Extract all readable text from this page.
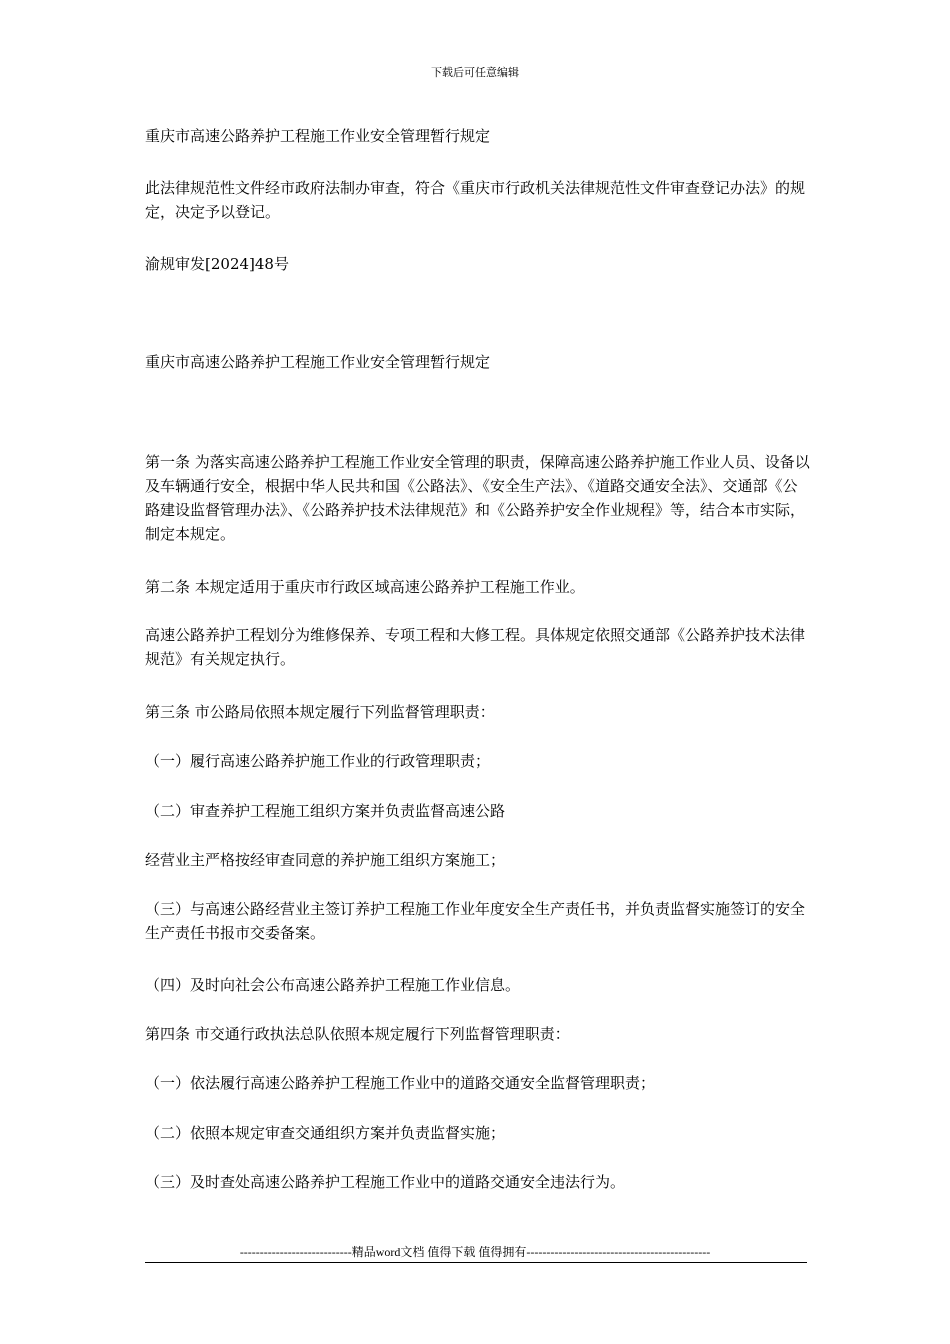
下载后可任意编辑
重庆市高速公路养护工程施工作业安全管理暂行规定
此法律规范性文件经市政府法制办审查，符合《重庆市行政机关法律规范性文件审查登记办法》的规定，决定予以登记。
渝规审发[2024]48号
重庆市高速公路养护工程施工作业安全管理暂行规定
第一条 为落实高速公路养护工程施工作业安全管理的职责，保障高速公路养护施工作业人员、设备以及车辆通行安全，根据中华人民共和国《公路法》、《安全生产法》、《道路交通安全法》、交通部《公路建设监督管理办法》、《公路养护技术法律规范》和《公路养护安全作业规程》等，结合本市实际，制定本规定。
第二条 本规定适用于重庆市行政区域高速公路养护工程施工作业。
高速公路养护工程划分为维修保养、专项工程和大修工程。具体规定依照交通部《公路养护技术法律规范》有关规定执行。
第三条 市公路局依照本规定履行下列监督管理职责：
（一）履行高速公路养护施工作业的行政管理职责；
（二）审查养护工程施工组织方案并负责监督高速公路
经营业主严格按经审查同意的养护施工组织方案施工；
（三）与高速公路经营业主签订养护工程施工作业年度安全生产责任书，并负责监督实施签订的安全生产责任书报市交委备案。
（四）及时向社会公布高速公路养护工程施工作业信息。
第四条 市交通行政执法总队依照本规定履行下列监督管理职责：
（一）依法履行高速公路养护工程施工作业中的道路交通安全监督管理职责；
（二）依照本规定审查交通组织方案并负责监督实施；
（三）及时查处高速公路养护工程施工作业中的道路交通安全违法行为。
----------------------------精品word文档 值得下载 值得拥有----------------------------------------------
